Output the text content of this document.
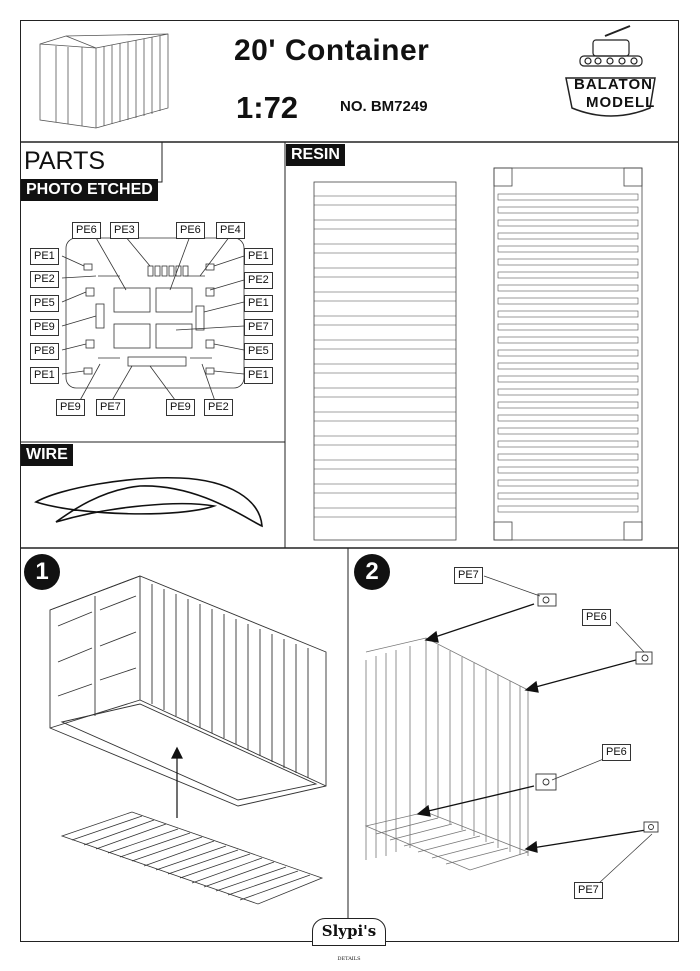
20' Container
1:72	NO. BM7249
BALATON
MODELL
PARTS
PHOTO ETCHED
RESIN
WIRE
PE1
PE2
PE5
PE9
PE8
PE1
PE6	PE3	PE6	PE4
PE1
PE2
PE1
PE7
PE5
PE1
PE9	PE7	PE9	PE2
1	2	PE7
PE6
PE6
PE7
Slypi's DETAILS
